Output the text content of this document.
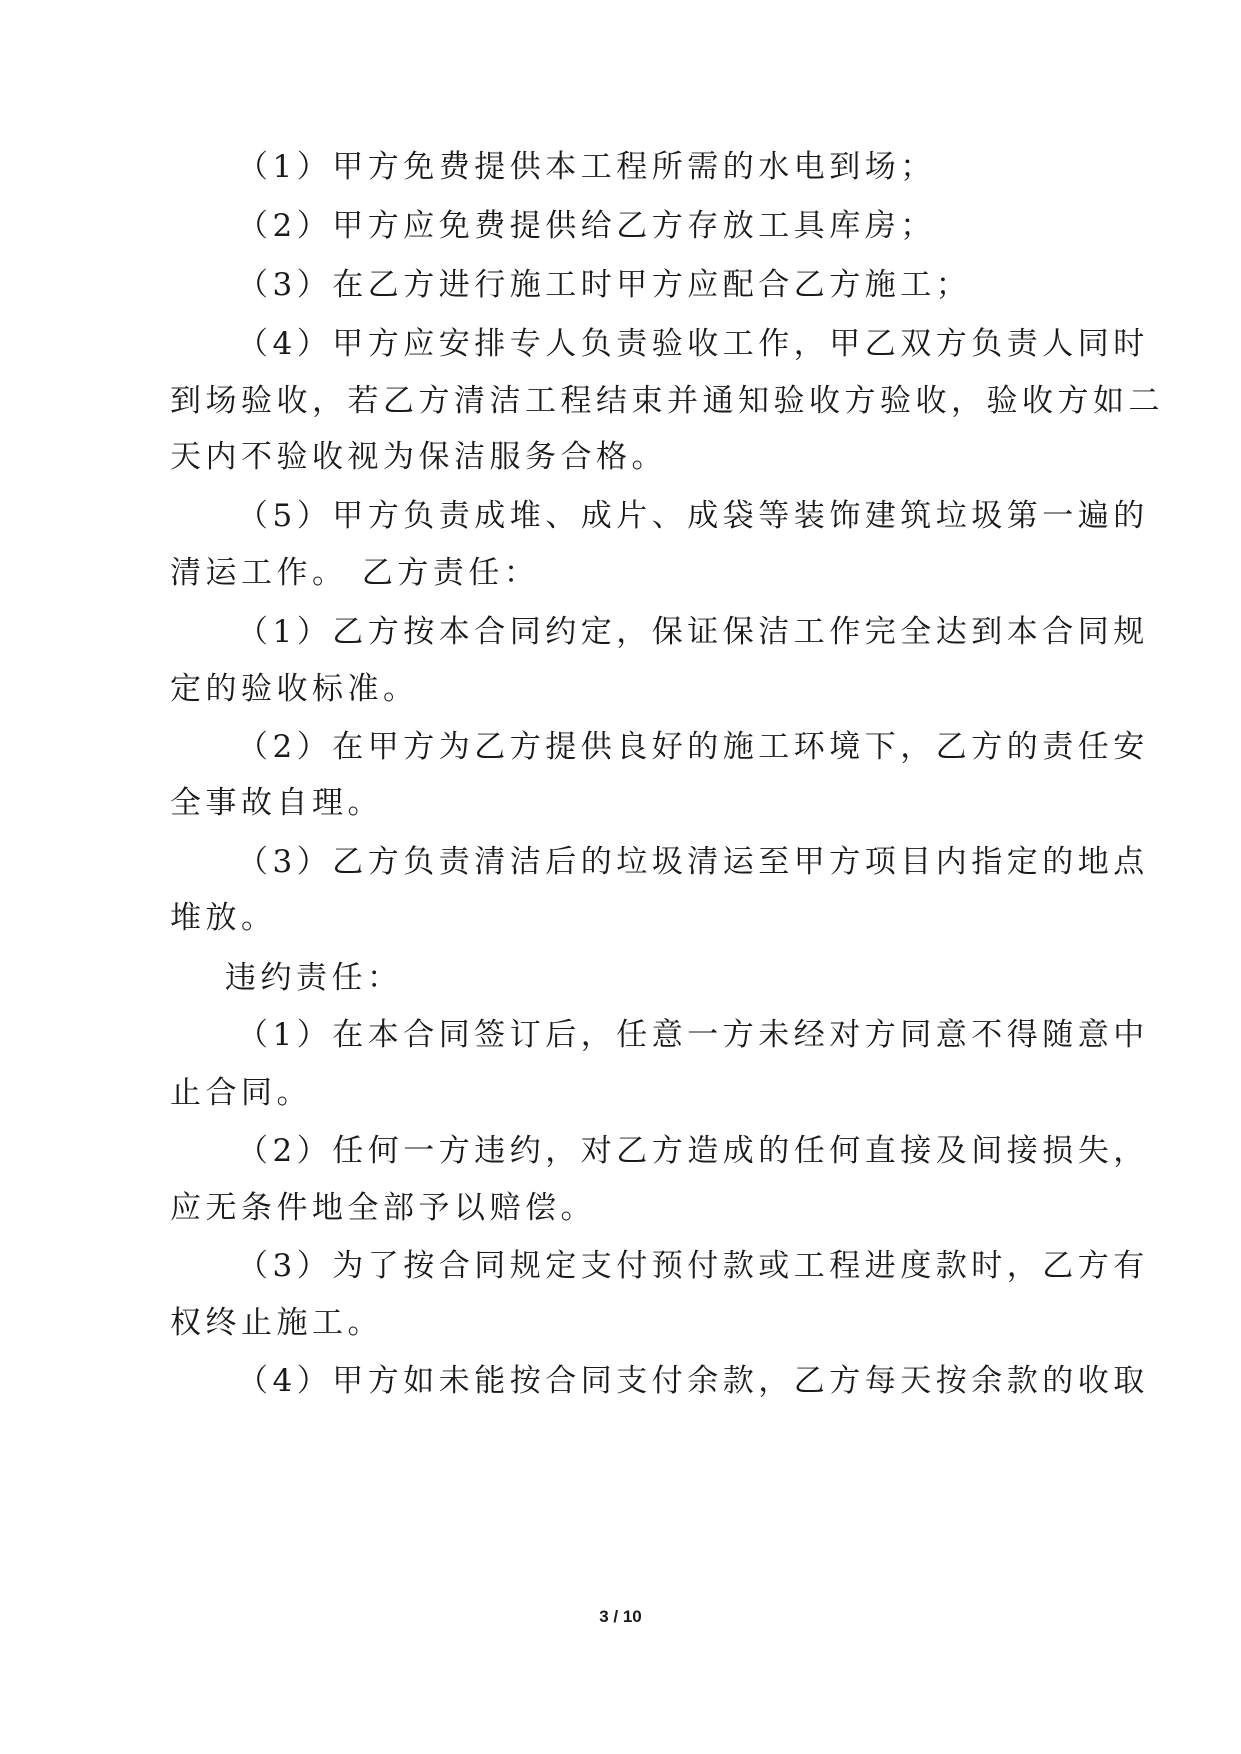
（1）甲方免费提供本工程所需的水电到场；
（2）甲方应免费提供给乙方存放工具库房；
（3）在乙方进行施工时甲方应配合乙方施工；
（4）甲方应安排专人负责验收工作，甲乙双方负责人同时
到场验收，若乙方清洁工程结束并通知验收方验收，验收方如二
天内不验收视为保洁服务合格。
（5）甲方负责成堆、成片、成袋等装饰建筑垃圾第一遍的
清运工作。 乙方责任：
（1）乙方按本合同约定，保证保洁工作完全达到本合同规
定的验收标准。
（2）在甲方为乙方提供良好的施工环境下，乙方的责任安
全事故自理。
（3）乙方负责清洁后的垃圾清运至甲方项目内指定的地点
堆放。
违约责任：
（1）在本合同签订后，任意一方未经对方同意不得随意中
止合同。
（2）任何一方违约，对乙方造成的任何直接及间接损失，
应无条件地全部予以赔偿。
（3）为了按合同规定支付预付款或工程进度款时，乙方有
权终止施工。
（4）甲方如未能按合同支付余款，乙方每天按余款的收取
3 / 10
